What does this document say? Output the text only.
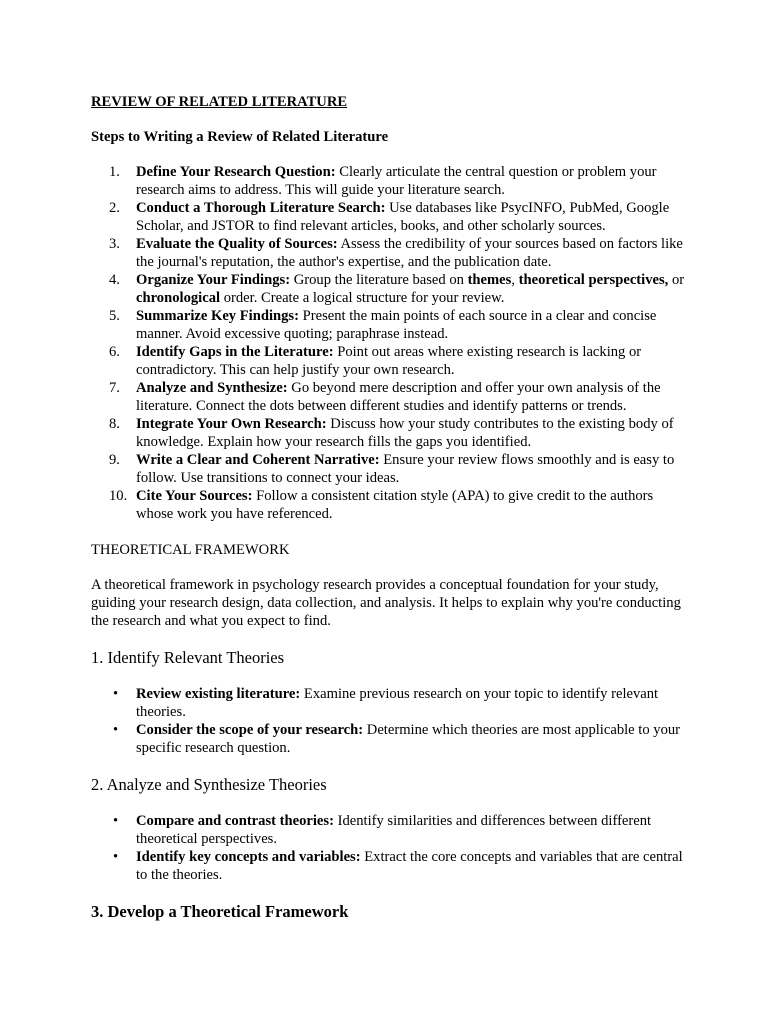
REVIEW OF RELATED LITERATURE
Steps to Writing a Review of Related Literature
1.	Define Your Research Question: Clearly articulate the central question or problem your research aims to address. This will guide your literature search.
2.	Conduct a Thorough Literature Search: Use databases like PsycINFO, PubMed, Google Scholar, and JSTOR to find relevant articles, books, and other scholarly sources.
3.	Evaluate the Quality of Sources: Assess the credibility of your sources based on factors like the journal's reputation, the author's expertise, and the publication date.
4.	Organize Your Findings: Group the literature based on themes, theoretical perspectives, or chronological order. Create a logical structure for your review.
5.	Summarize Key Findings: Present the main points of each source in a clear and concise manner. Avoid excessive quoting; paraphrase instead.
6.	Identify Gaps in the Literature: Point out areas where existing research is lacking or contradictory. This can help justify your own research.
7.	Analyze and Synthesize: Go beyond mere description and offer your own analysis of the literature. Connect the dots between different studies and identify patterns or trends.
8.	Integrate Your Own Research: Discuss how your study contributes to the existing body of knowledge. Explain how your research fills the gaps you identified.
9.	Write a Clear and Coherent Narrative: Ensure your review flows smoothly and is easy to follow. Use transitions to connect your ideas.
10. Cite Your Sources: Follow a consistent citation style (APA) to give credit to the authors whose work you have referenced.
THEORETICAL FRAMEWORK

A theoretical framework in psychology research provides a conceptual foundation for your study, guiding your research design, data collection, and analysis. It helps to explain why you're conducting the research and what you expect to find.

1. Identify Relevant Theories
• Review existing literature: Examine previous research on your topic to identify relevant theories.
• Consider the scope of your research: Determine which theories are most applicable to your specific research question.
2. Analyze and Synthesize Theories
• Compare and contrast theories: Identify similarities and differences between different theoretical perspectives.
• Identify key concepts and variables: Extract the core concepts and variables that are central to the theories.
3. Develop a Theoretical Framework
